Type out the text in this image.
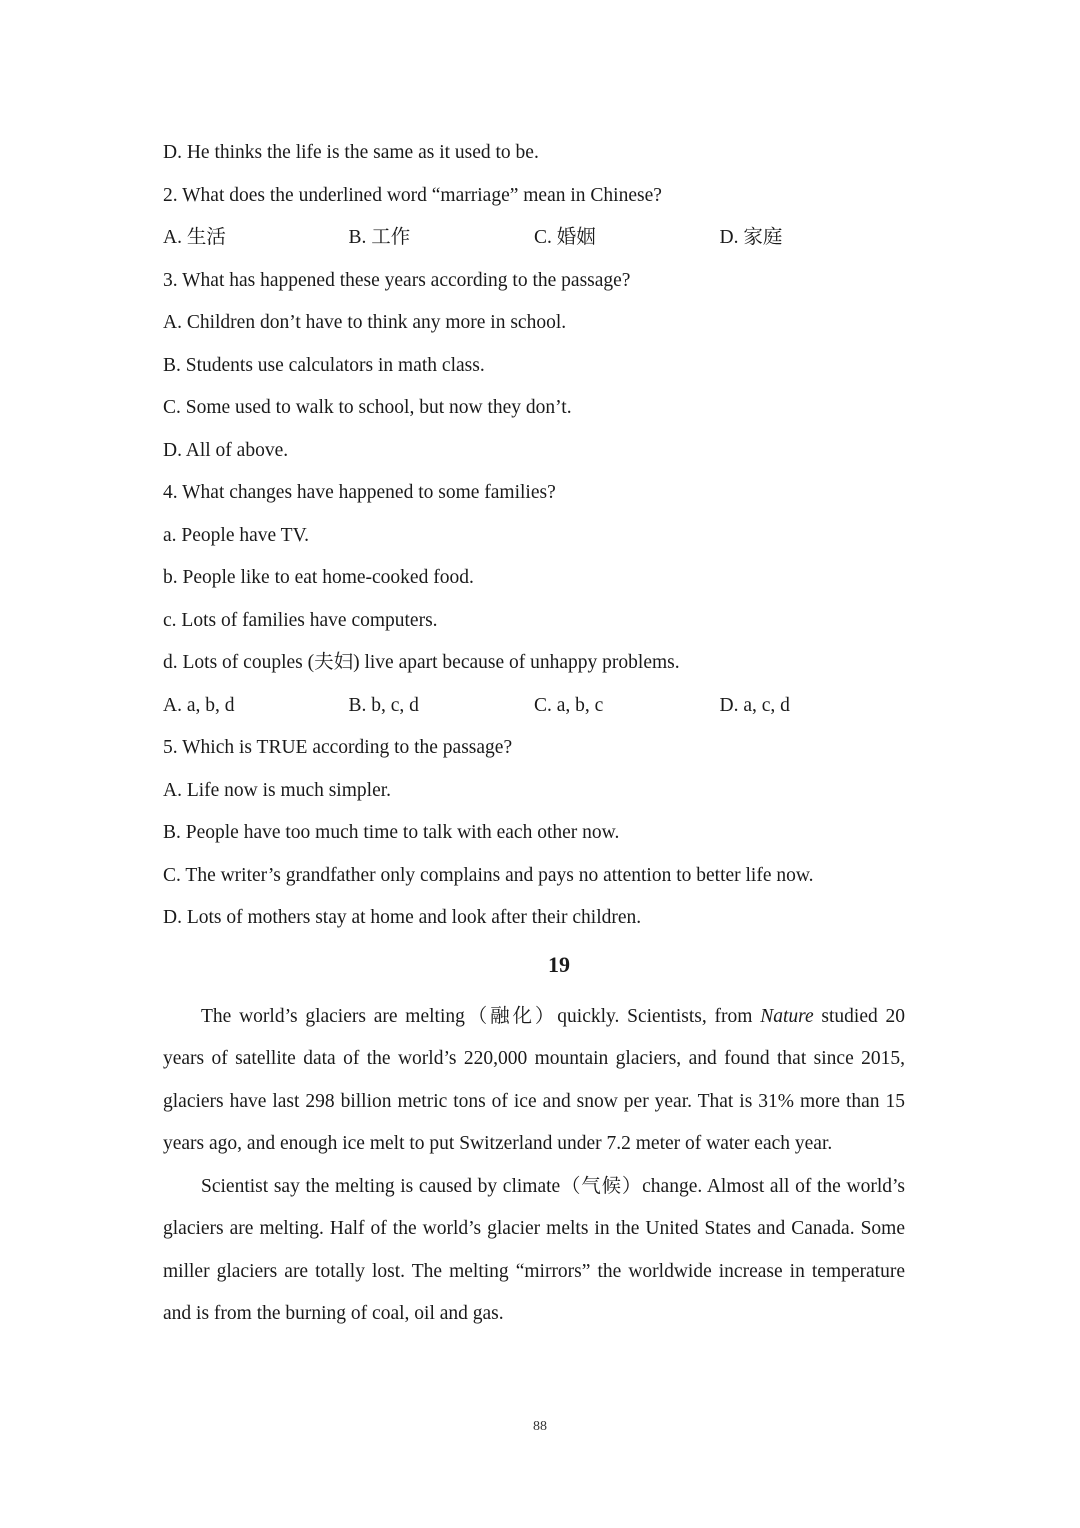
D. He thinks the life is the same as it used to be.
2. What does the underlined word “marriage” mean in Chinese?
A. 生活	B. 工作	C. 婚姻	D. 家庭
3. What has happened these years according to the passage?
A. Children don’t have to think any more in school.
B. Students use calculators in math class.
C. Some used to walk to school, but now they don’t.
D. All of above.
4. What changes have happened to some families?
a. People have TV.
b. People like to eat home-cooked food.
c. Lots of families have computers.
d. Lots of couples (夫妇) live apart because of unhappy problems.
A. a, b, d	B. b, c, d	C. a, b, c	D. a, c, d
5. Which is TRUE according to the passage?
A. Life now is much simpler.
B. People have too much time to talk with each other now.
C. The writer’s grandfather only complains and pays no attention to better life now.
D. Lots of mothers stay at home and look after their children.
19

The world’s glaciers are melting（融化）quickly. Scientists, from Nature studied 20 years of satellite data of the world’s 220,000 mountain glaciers, and found that since 2015, glaciers have last 298 billion metric tons of ice and snow per year. That is 31% more than 15 years ago, and enough ice melt to put Switzerland under 7.2 meter of water each year.

Scientist say the melting is caused by climate（气候）change. Almost all of the world’s glaciers are melting. Half of the world’s glacier melts in the United States and Canada. Some miller glaciers are totally lost. The melting “mirrors” the worldwide increase in temperature and is from the burning of coal, oil and gas.

88
